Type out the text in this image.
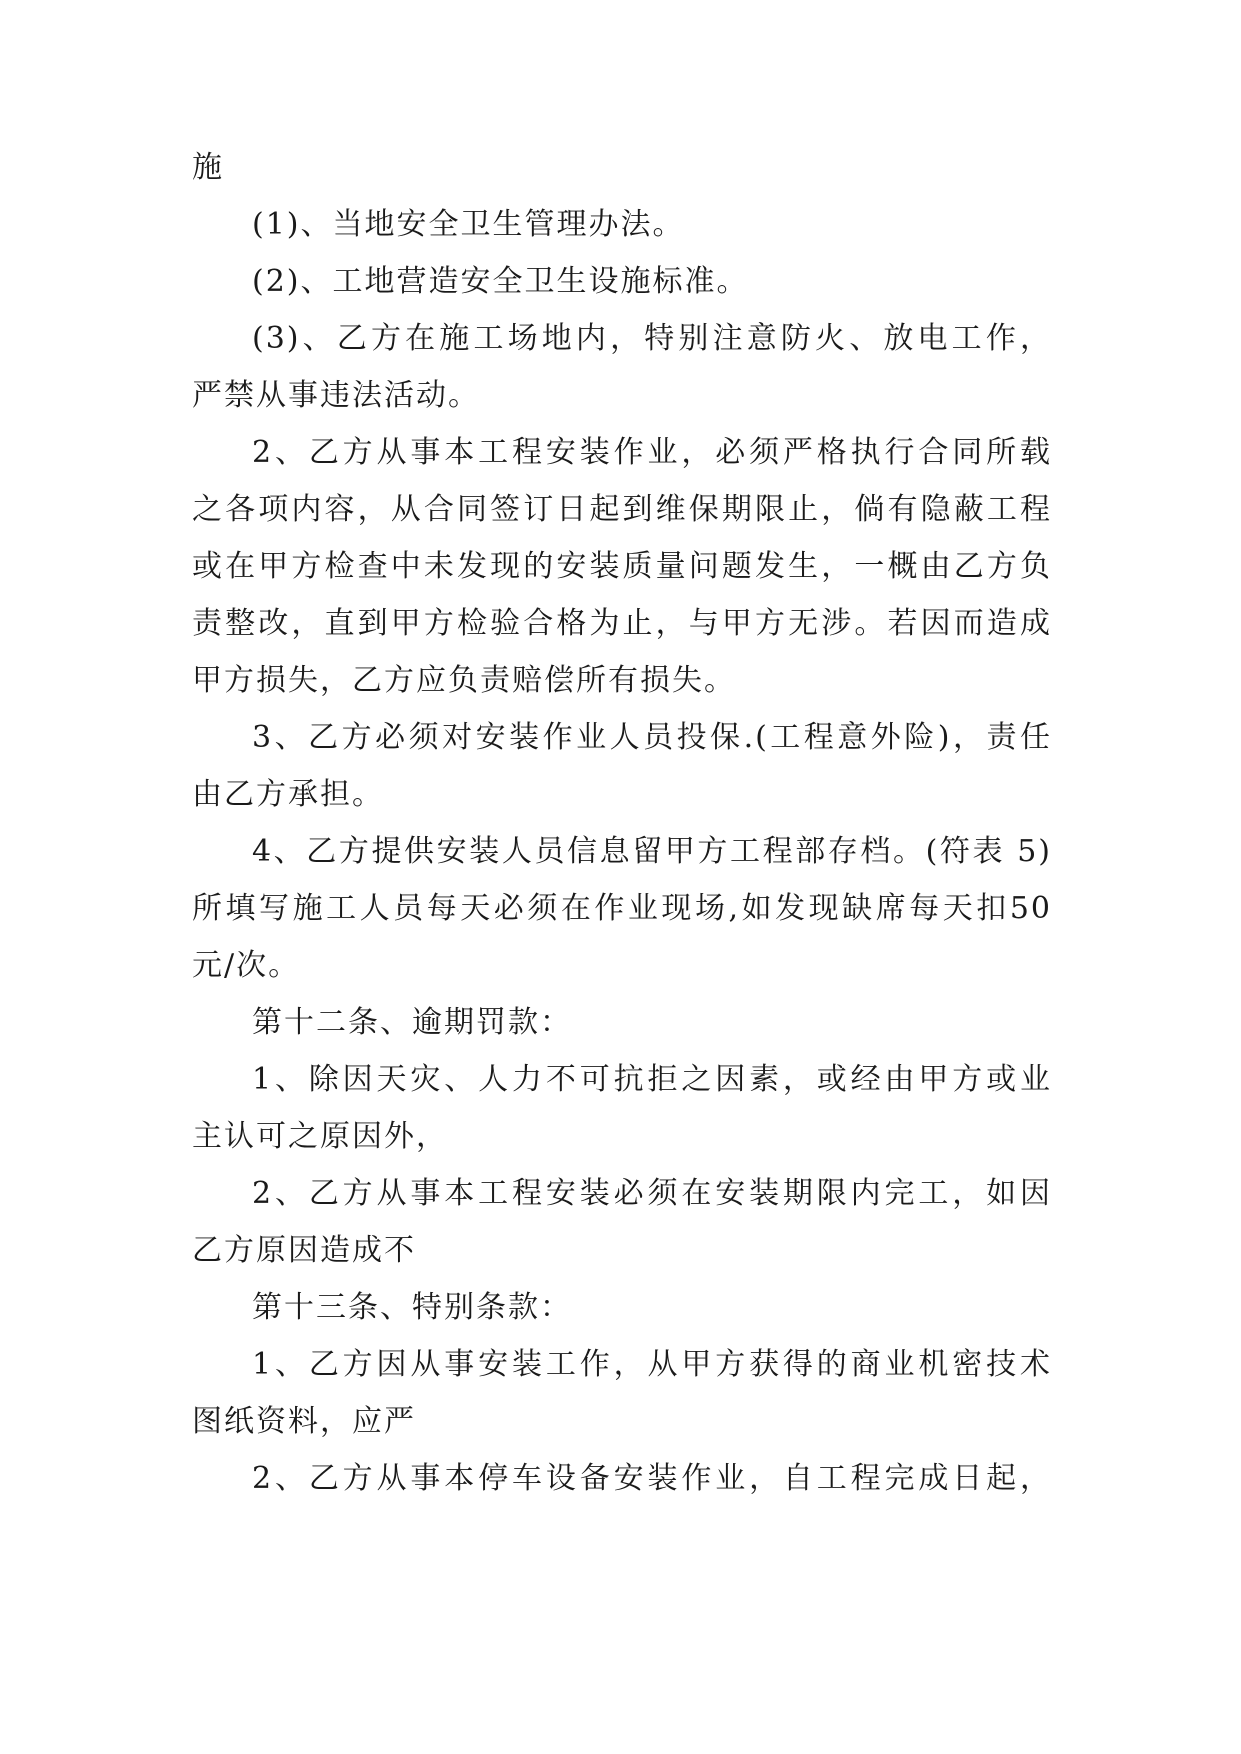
施
(1)、当地安全卫生管理办法。
(2)、工地营造安全卫生设施标准。
(3)、乙方在施工场地内，特别注意防火、放电工作，
严禁从事违法活动。
2、乙方从事本工程安装作业，必须严格执行合同所载
之各项内容，从合同签订日起到维保期限止，倘有隐蔽工程
或在甲方检查中未发现的安装质量问题发生，一概由乙方负
责整改，直到甲方检验合格为止，与甲方无涉。若因而造成
甲方损失，乙方应负责赔偿所有损失。
3、乙方必须对安装作业人员投保.(工程意外险)，责任
由乙方承担。
4、乙方提供安装人员信息留甲方工程部存档。(符表 5)
所填写施工人员每天必须在作业现场,如发现缺席每天扣50
元/次。
第十二条、逾期罚款：
1、除因天灾、人力不可抗拒之因素，或经由甲方或业
主认可之原因外，
2、乙方从事本工程安装必须在安装期限内完工，如因
乙方原因造成不
第十三条、特别条款：
1、乙方因从事安装工作，从甲方获得的商业机密技术
图纸资料，应严
2、乙方从事本停车设备安装作业，自工程完成日起，
